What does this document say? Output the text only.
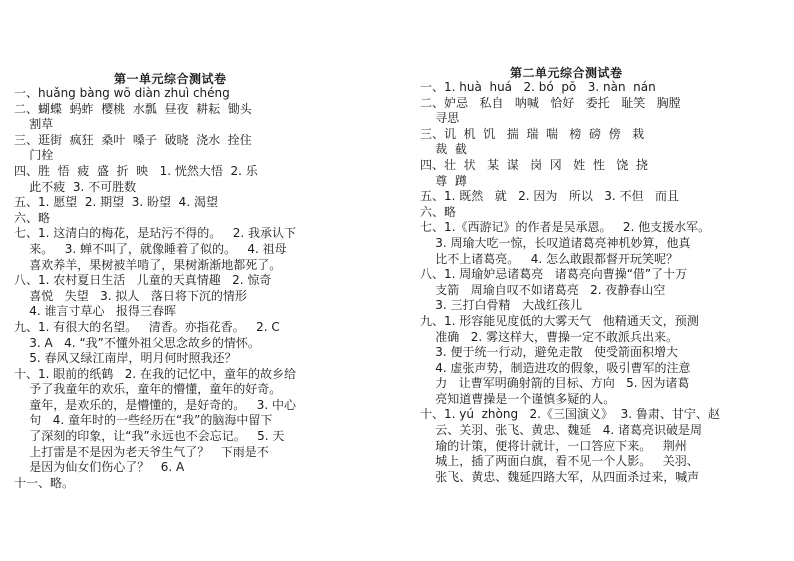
第一单元综合测试卷
一、huǎng bàng wō diàn zhuì chéng
二、蝴蝶  蚂蚱  樱桃  水瓢  昼夜  耕耘  锄头
割草
三、逛街  疯狂  桑叶  嗓子  破晓  浇水  拴住
门栓
四、胜  悟  疲  盛  折  映   1. 恍然大悟  2. 乐
此不疲  3. 不可胜数
五、1. 愿望  2. 期望  3. 盼望  4. 渴望
六、略
七、1. 这清白的梅花，是玷污不得的。   2. 我承认下
来。   3. 蝉不叫了，就像睡着了似的。   4. 祖母
喜欢养羊，果树被羊啃了，果树渐渐地都死了。
八、1. 农村夏日生活   儿童的天真情趣   2. 惊奇
喜悦   失望   3. 拟人   落日将下沉的情形
4. 谁言寸草心   报得三春晖
九、1. 有很大的名望。   清香。亦指花香。   2. C
3. A   4. “我”不懂外祖父思念故乡的情怀。
5. 春风又绿江南岸，明月何时照我还？
十、1. 眼前的纸鹤   2. 在我的记忆中，童年的故乡给
予了我童年的欢乐，童年的懵懂，童年的好奇。
童年，是欢乐的，是懵懂的，是好奇的。   3. 中心
句   4. 童年时的一些经历在“我”的脑海中留下
了深刻的印象，让“我”永远也不会忘记。   5. 天
上打雷是不是因为老天爷生气了？   下雨是不
是因为仙女们伤心了？   6. A
十一、略。
第二单元综合测试卷
一、1. huà  huá   2. bó  pō   3. nàn  nán
二、妒忌   私自   呐喊   恰好   委托   耻笑   胸膛
寻思
三、讥  机  饥   揣  瑞  喘   榜  磅  傍   栽
裁  截
四、壮  状   某  谋   岗  冈   姓  性   饶  挠
尊  蹲
五、1. 既然   就   2. 因为   所以   3. 不但   而且
六、略
七、1.《西游记》的作者是吴承恩。   2. 他支援水军。
3. 周瑜大吃一惊，长叹道诸葛亮神机妙算，他真
比不上诸葛亮。   4. 怎么敢跟都督开玩笑呢？
八、1. 周瑜妒忌诸葛亮   诸葛亮向曹操“借”了十万
支箭   周瑜自叹不如诸葛亮   2. 夜静春山空
3. 三打白骨精   大战红孩儿
九、1. 形容能见度低的大雾天气   他精通天文，预测
准确   2. 雾这样大，曹操一定不敢派兵出来。
3. 便于统一行动，避免走散   使受箭面积增大
4. 虚张声势，制造进攻的假象，吸引曹军的注意
力   让曹军明确射箭的目标、方向   5. 因为诸葛
亮知道曹操是一个谨慎多疑的人。
十、1. yú  zhòng   2.《三国演义》  3. 鲁肃、甘宁、赵
云、关羽、张飞、黄忠、魏延   4. 诸葛亮识破是周
瑜的计策，便将计就计，一口答应下来。   荆州
城上，插了两面白旗，看不见一个人影。   关羽、
张飞、黄忠、魏延四路大军，从四面杀过来，喊声
